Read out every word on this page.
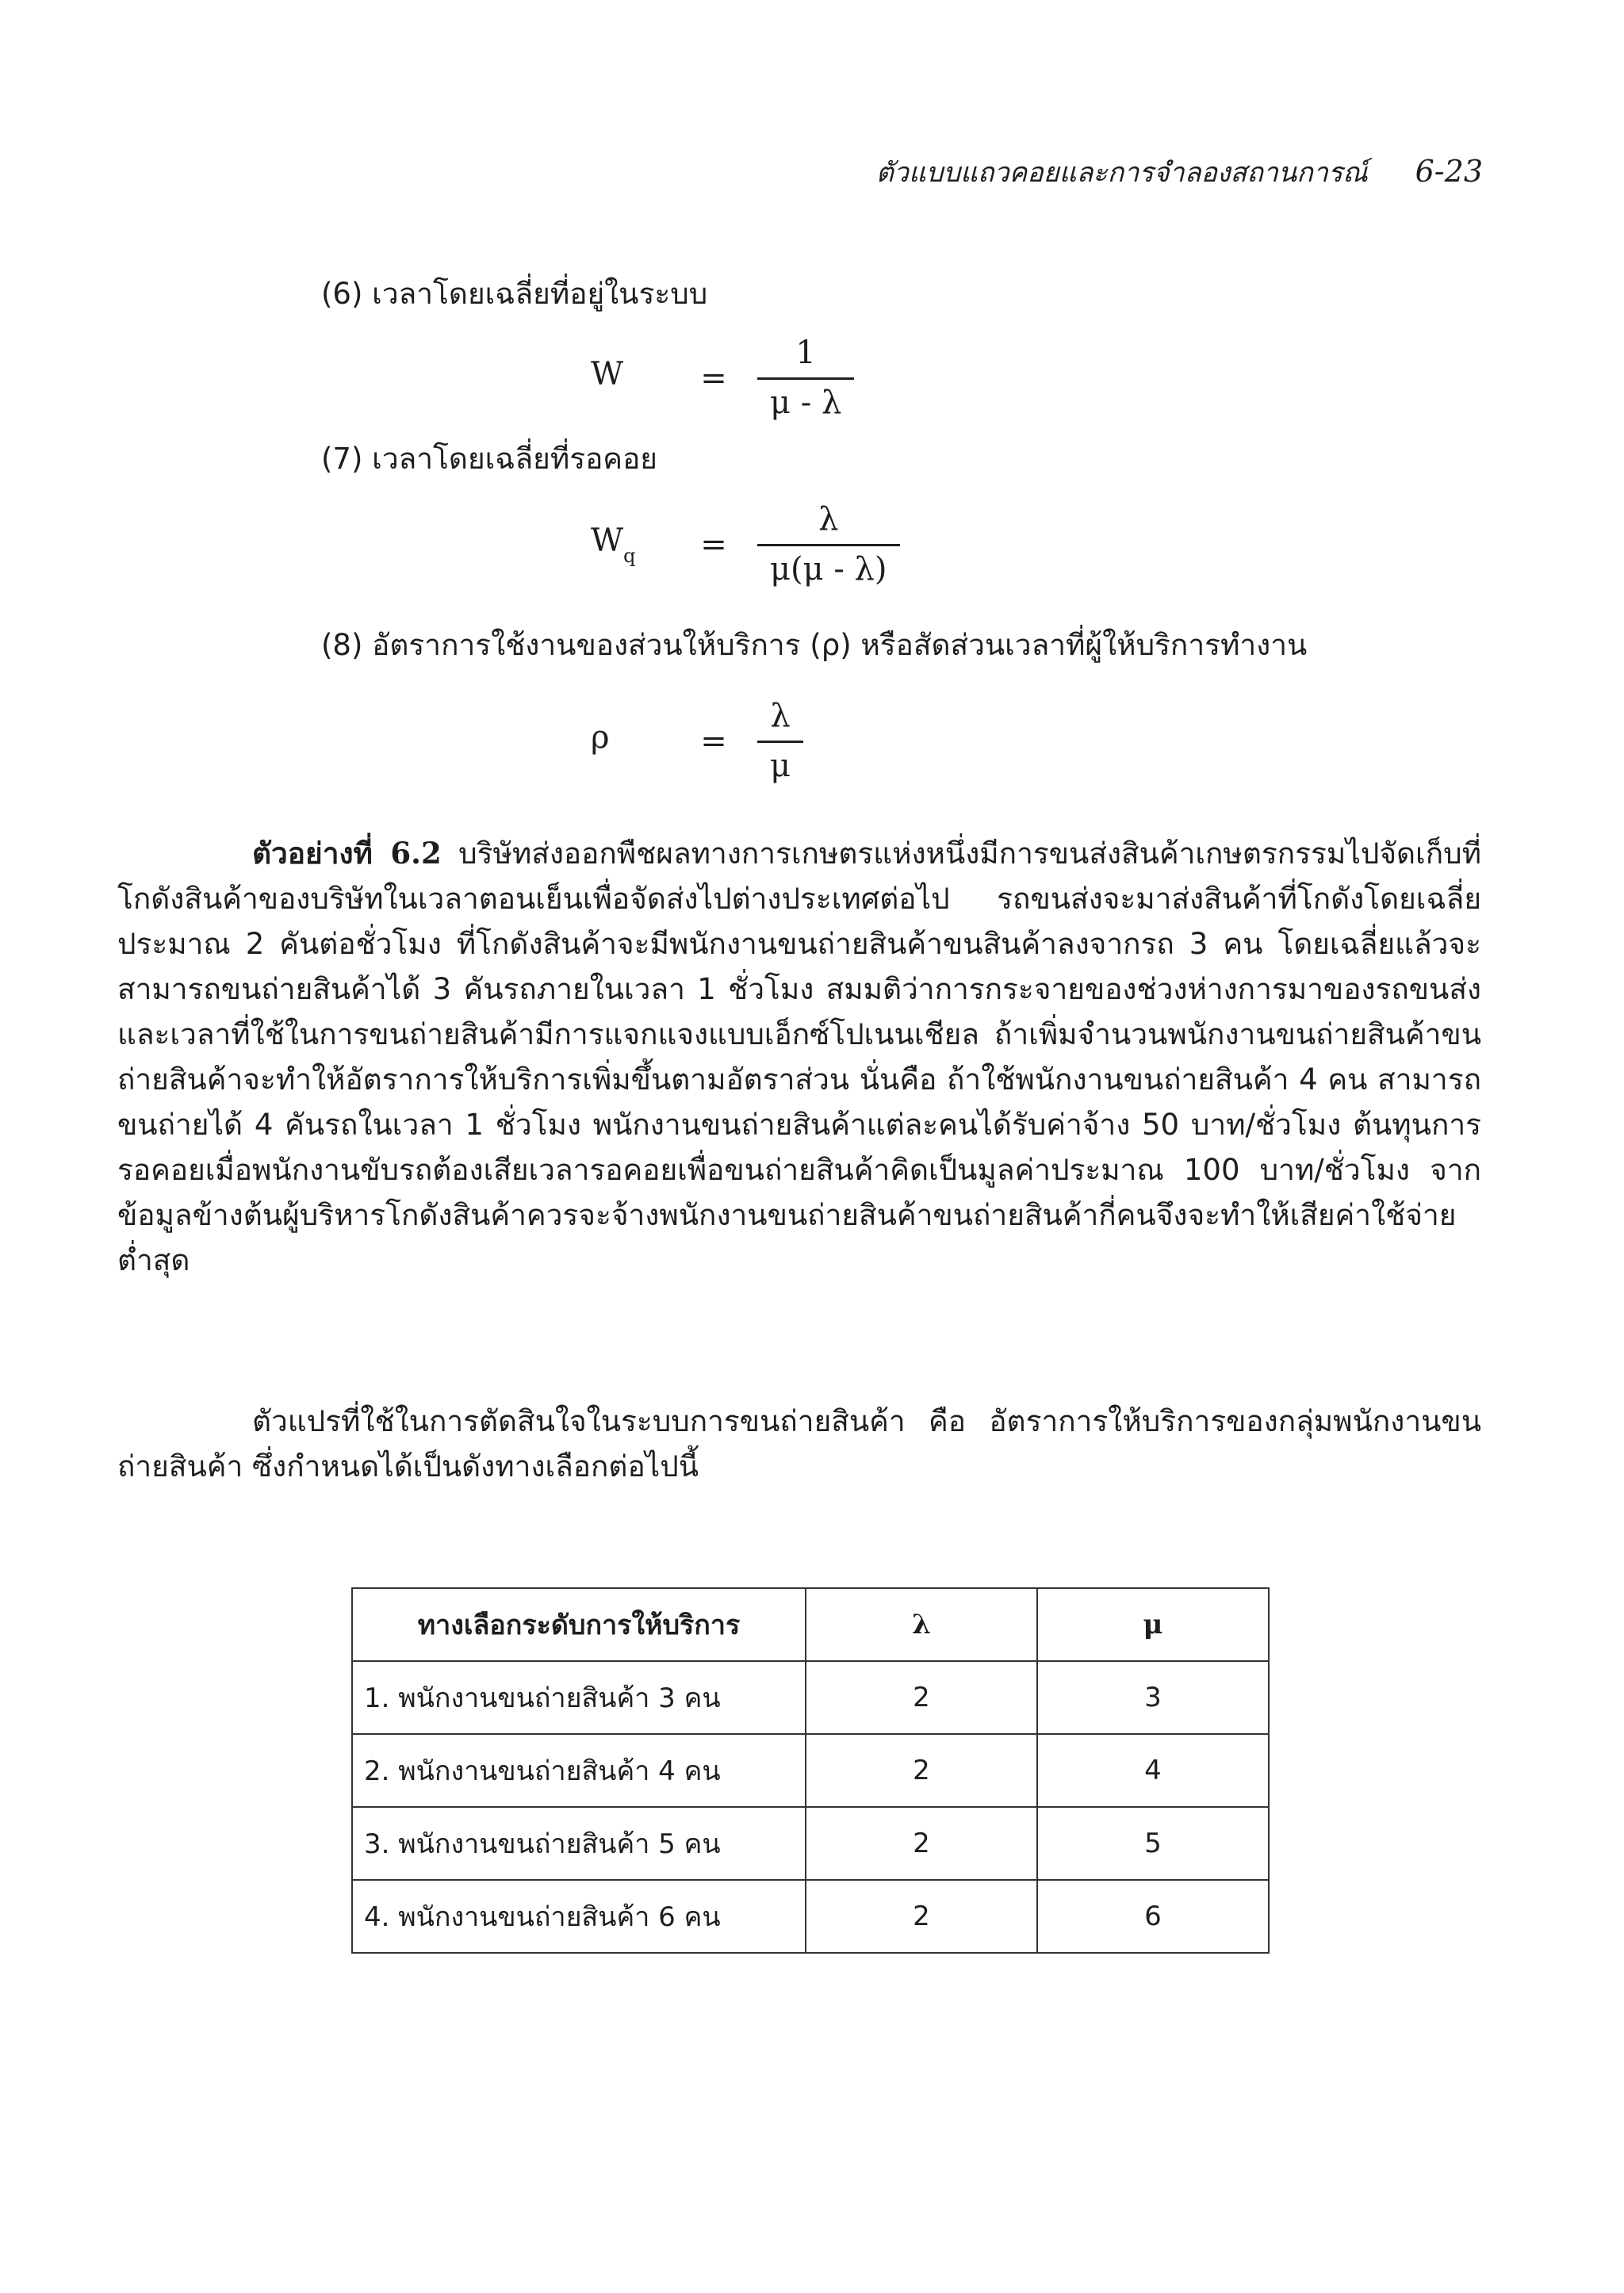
ตัวแบบแถวคอยและการจำลองสถานการณ์ 6-23
(6) เวลาโดยเฉลี่ยที่อยู่ในระบบ
W	= $\frac{1}{\mu - \lambda}$
(7) เวลาโดยเฉลี่ยที่รอคอย
$W_q$	= $\frac{\lambda}{\mu(\mu - \lambda)}$
(8) อัตราการใช้งานของส่วนให้บริการ (ρ) หรือสัดส่วนเวลาที่ผู้ให้บริการทำงาน
ρ	= $\frac{\lambda}{\mu}$
ตัวอย่างที่ 6.2 บริษัทส่งออกพืชผลทางการเกษตรแห่งหนึ่งมีการขนส่งสินค้าเกษตรกรรมไปจัดเก็บที่โกดังสินค้าของบริษัทในเวลาตอนเย็นเพื่อจัดส่งไปต่างประเทศต่อไป รถขนส่งจะมาส่งสินค้าที่โกดังโดยเฉลี่ยประมาณ 2 คันต่อชั่วโมง ที่โกดังสินค้าจะมีพนักงานขนถ่ายสินค้าขนสินค้าลงจากรถ 3 คน โดยเฉลี่ยแล้วจะสามารถขนถ่ายสินค้าได้ 3 คันรถภายในเวลา 1 ชั่วโมง สมมติว่าการกระจายของช่วงห่างการมาของรถขนส่งและเวลาที่ใช้ในการขนถ่ายสินค้ามีการแจกแจงแบบเอ็กซ์โปเนนเชียล ถ้าเพิ่มจำนวนพนักงานขนถ่ายสินค้าขนถ่ายสินค้าจะทำให้อัตราการให้บริการเพิ่มขึ้นตามอัตราส่วน นั่นคือ ถ้าใช้พนักงานขนถ่ายสินค้า 4 คน สามารถขนถ่ายได้ 4 คันรถในเวลา 1 ชั่วโมง พนักงานขนถ่ายสินค้าแต่ละคนได้รับค่าจ้าง 50 บาท/ชั่วโมง ต้นทุนการรอคอยเมื่อพนักงานขับรถต้องเสียเวลารอคอยเพื่อขนถ่ายสินค้าคิดเป็นมูลค่าประมาณ 100 บาท/ชั่วโมง จากข้อมูลข้างต้นผู้บริหารโกดังสินค้าควรจะจ้างพนักงานขนถ่ายสินค้าขนถ่ายสินค้ากี่คนจึงจะทำให้เสียค่าใช้จ่ายต่ำสุด
ตัวแปรที่ใช้ในการตัดสินใจในระบบการขนถ่ายสินค้า คือ อัตราการให้บริการของกลุ่มพนักงานขนถ่ายสินค้า ซึ่งกำหนดได้เป็นดังทางเลือกต่อไปนี้
ทางเลือกระดับการให้บริการ	λ	μ
1. พนักงานขนถ่ายสินค้า 3 คน	2	3
2. พนักงานขนถ่ายสินค้า 4 คน	2	4
3. พนักงานขนถ่ายสินค้า 5 คน	2	5
4. พนักงานขนถ่ายสินค้า 6 คน	2	6
